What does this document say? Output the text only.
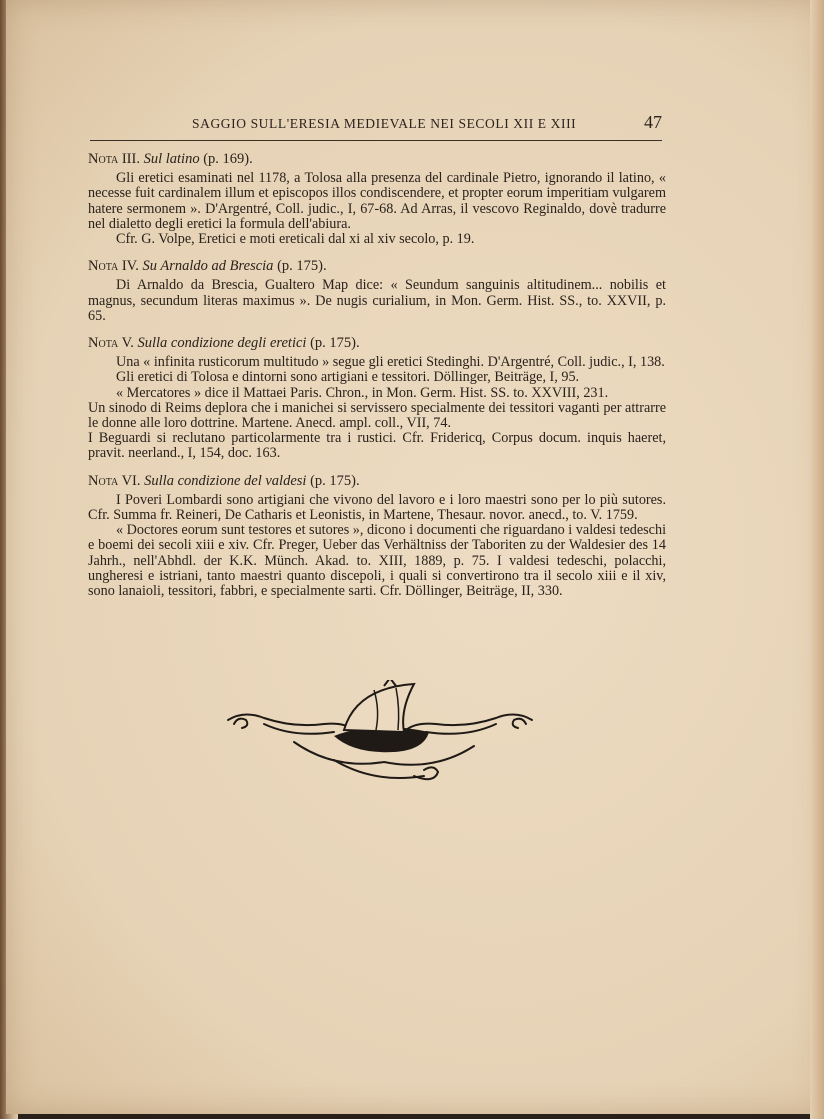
SAGGIO SULL'ERESIA MEDIEVALE NEI SECOLI XII E XIII	47
Nota III. Sul latino (p. 169).

Gli eretici esaminati nel 1178, a Tolosa alla presenza del cardinale Pietro, ignorando il latino, « necesse fuit cardinalem illum et episcopos illos condiscendere, et propter eorum imperitiam vulgarem hatere sermonem ». D'Argentré, Coll. judic., I, 67-68. Ad Arras, il vescovo Reginaldo, dovè tradurre nel dialetto degli eretici la formula dell'abiura.

Cfr. G. Volpe, Eretici e moti ereticali dal xi al xiv secolo, p. 19.

Nota IV. Su Arnaldo ad Brescia (p. 175).

Di Arnaldo da Brescia, Gualtero Map dice: « Seundum sanguinis altitudinem... nobilis et magnus, secundum literas maximus ». De nugis curialium, in Mon. Germ. Hist. SS., to. XXVII, p. 65.

Nota V. Sulla condizione degli eretici (p. 175).

Una « infinita rusticorum multitudo » segue gli eretici Stedinghi. D'Argentré, Coll. judic., I, 138.

Gli eretici di Tolosa e dintorni sono artigiani e tessitori. Döllinger, Beiträge, I, 95.

« Mercatores » dice il Mattaei Paris. Chron., in Mon. Germ. Hist. SS. to. XXVIII, 231.

Un sinodo di Reims deplora che i manichei si servissero specialmente dei tessitori vaganti per attrarre le donne alle loro dottrine. Martene. Anecd. ampl. coll., VII, 74.

I Beguardi si reclutano particolarmente tra i rustici. Cfr. Fridericq, Corpus docum. inquis haeret, pravit. neerland., I, 154, doc. 163.

Nota VI. Sulla condizione del valdesi (p. 175).

I Poveri Lombardi sono artigiani che vivono del lavoro e i loro maestri sono per lo più sutores. Cfr. Summa fr. Reineri, De Catharis et Leonistis, in Martene, Thesaur. novor. anecd., to. V. 1759.

« Doctores eorum sunt testores et sutores », dicono i documenti che riguardano i valdesi tedeschi e boemi dei secoli xiii e xiv. Cfr. Preger, Ueber das Verhältniss der Taboriten zu der Waldesier des 14 Jahrh., nell'Abhdl. der K.K. Münch. Akad. to. XIII, 1889, p. 75. I valdesi tedeschi, polacchi, ungheresi e istriani, tanto maestri quanto discepoli, i quali si convertirono tra il secolo xiii e il xiv, sono lanaioli, tessitori, fabbri, e specialmente sarti. Cfr. Döllinger, Beiträge, II, 330.
